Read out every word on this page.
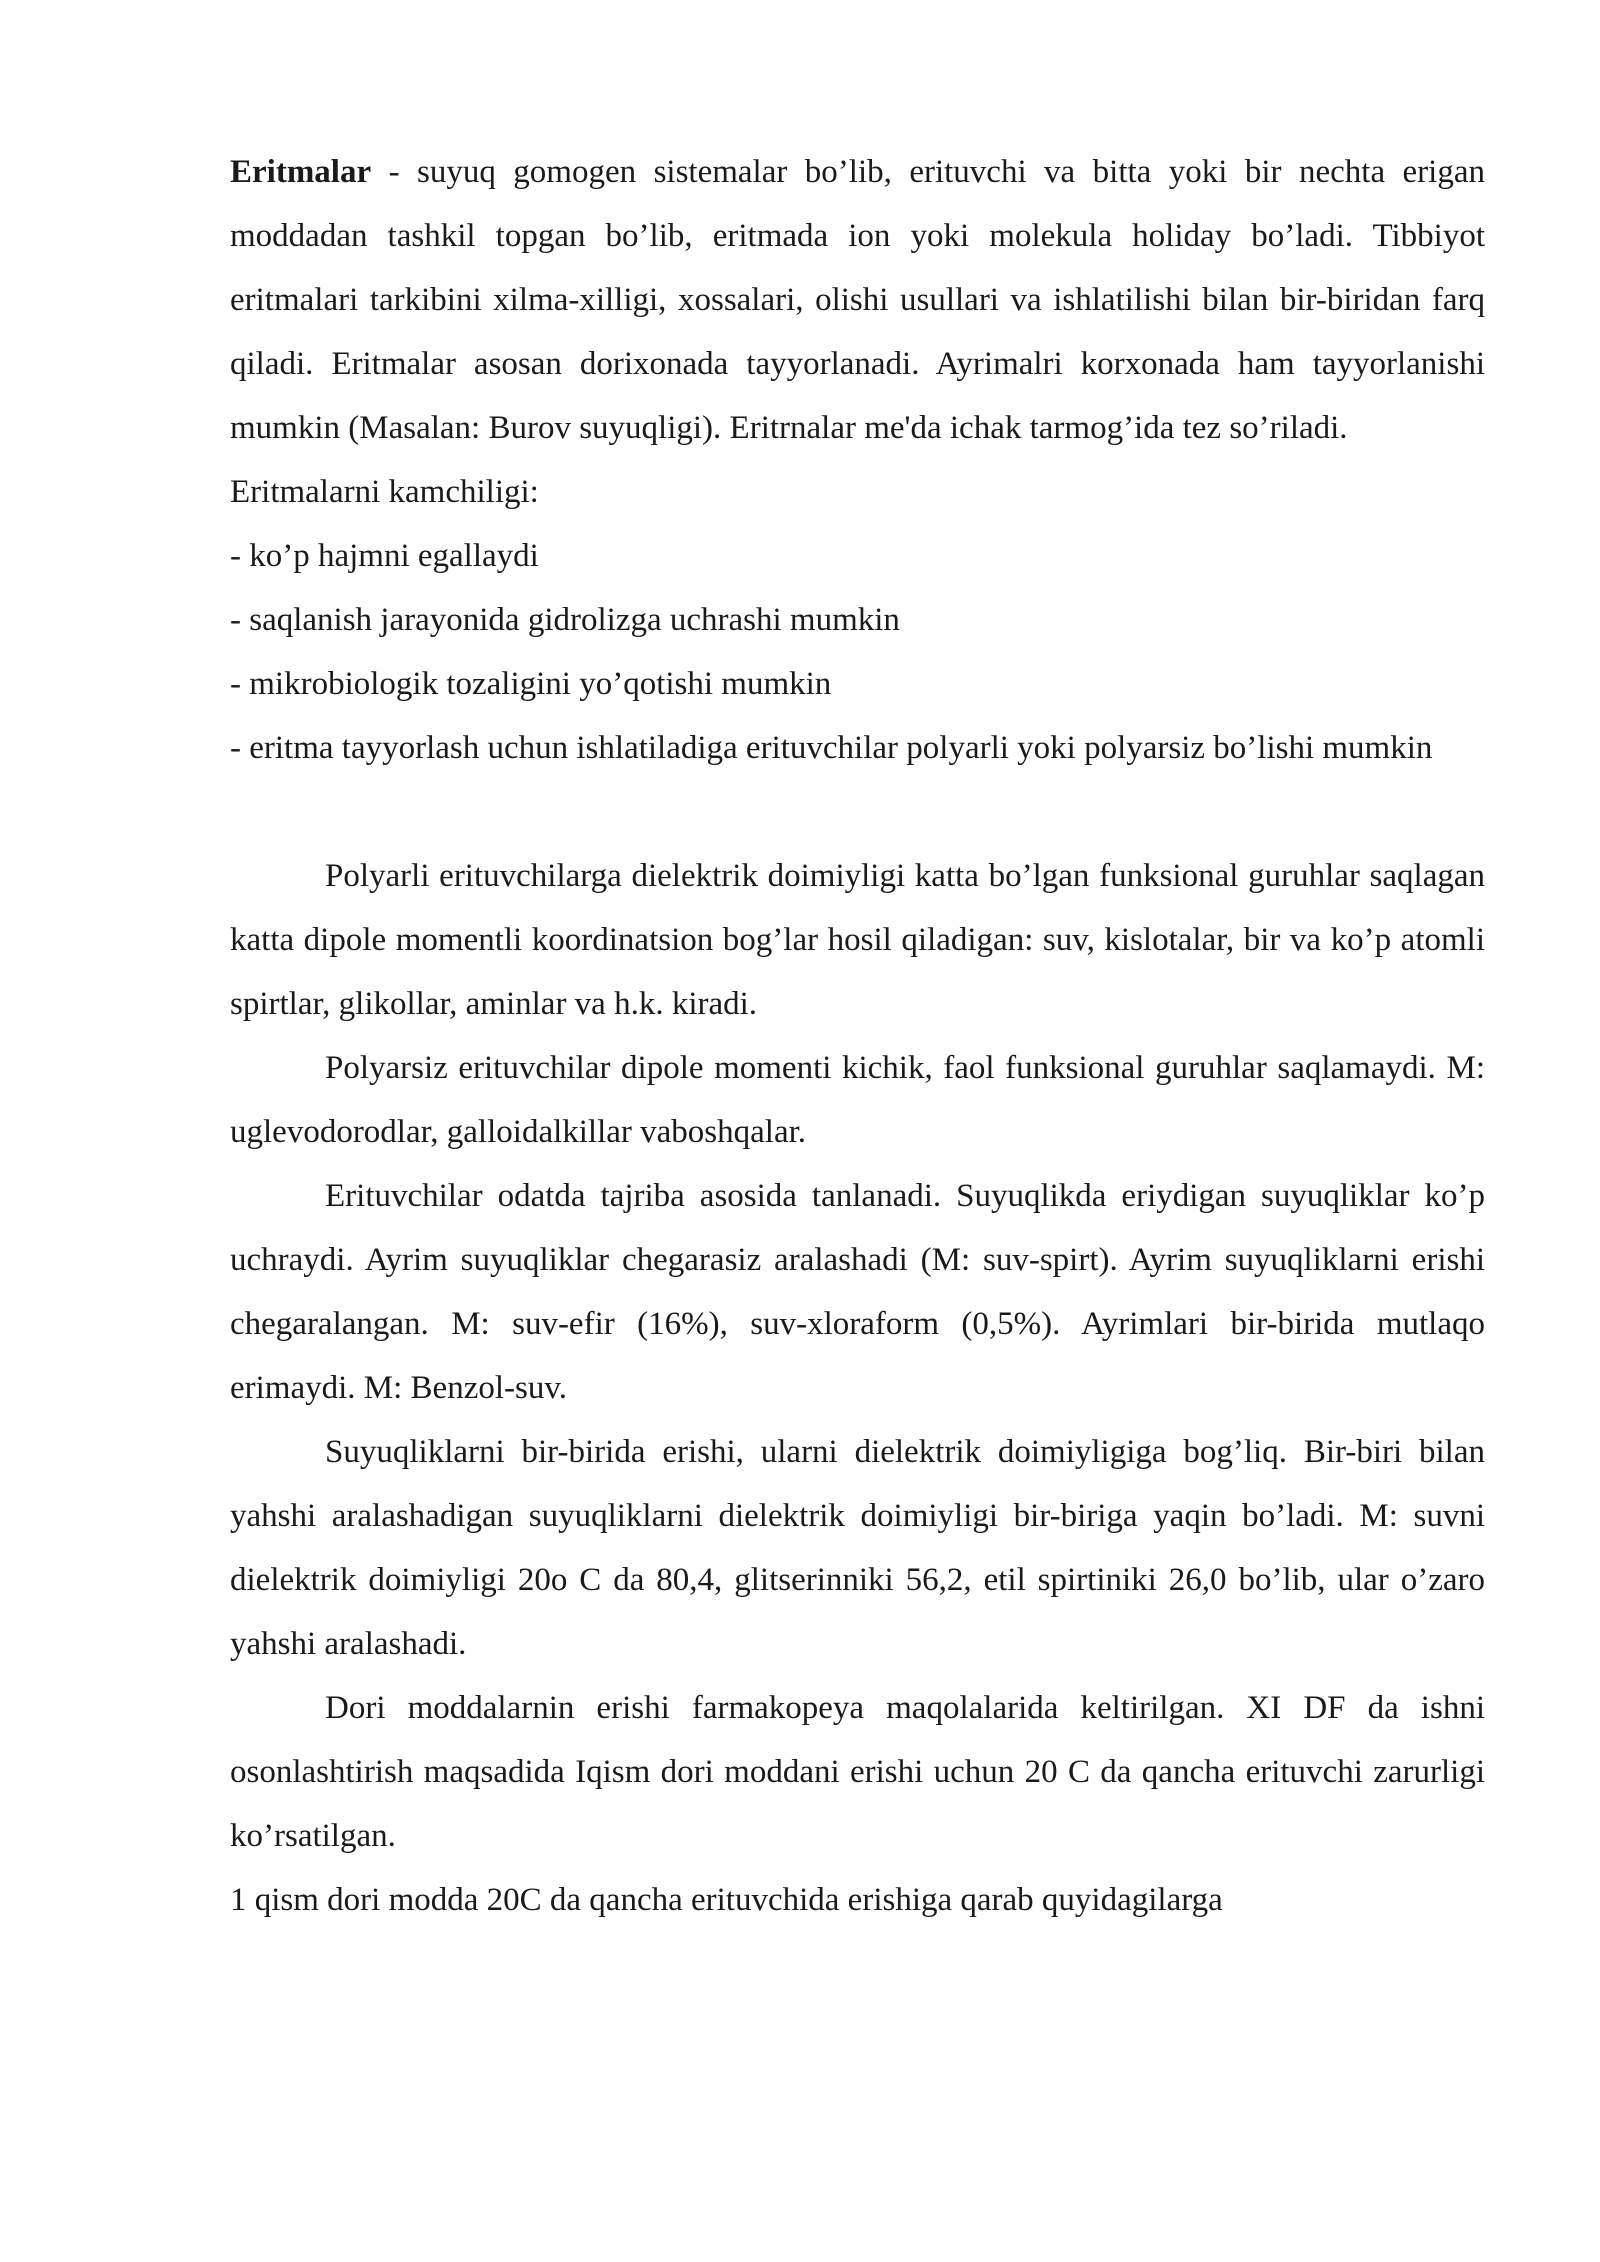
Eritmalar - suyuq gomogen sistemalar bo’lib, erituvchi va bitta yoki bir nechta erigan moddadan tashkil topgan bo’lib, eritmada ion yoki molekula holiday bo’ladi. Tibbiyot eritmalari tarkibini xilma-xilligi, xossalari, olishi usullari va ishlatilishi bilan bir-biridan farq qiladi. Eritmalar asosan dorixonada tayyorlanadi. Ayrimalri korxonada ham tayyorlanishi mumkin (Masalan: Burov suyuqligi). Eritrnalar me'da ichak tarmog’ida tez so’riladi.

Eritmalarni kamchiligi:

- ko’p hajmni egallaydi

- saqlanish jarayonida gidrolizga uchrashi mumkin

- mikrobiologik tozaligini yo’qotishi mumkin

- eritma tayyorlash uchun ishlatiladiga erituvchilar polyarli yoki polyarsiz bo’lishi mumkin

Polyarli erituvchilarga dielektrik doimiyligi katta bo’lgan funksional guruhlar saqlagan katta dipole momentli koordinatsion bog’lar hosil qiladigan: suv, kislotalar, bir va ko’p atomli spirtlar, glikollar, aminlar va h.k. kiradi.

Polyarsiz erituvchilar dipole momenti kichik, faol funksional guruhlar saqlamaydi. M: uglevodorodlar, galloidalkillar vaboshqalar.

Erituvchilar odatda tajriba asosida tanlanadi. Suyuqlikda eriydigan suyuqliklar ko’p uchraydi. Ayrim suyuqliklar chegarasiz aralashadi (M: suv-spirt). Ayrim suyuqliklarni erishi chegaralangan. M: suv-efir (16%), suv-xloraform (0,5%). Ayrimlari bir-birida mutlaqo erimaydi. M: Benzol-suv.

Suyuqliklarni bir-birida erishi, ularni dielektrik doimiyligiga bog’liq. Bir-biri bilan yahshi aralashadigan suyuqliklarni dielektrik doimiyligi bir-biriga yaqin bo’ladi. M: suvni dielektrik doimiyligi 20o C da 80,4, glitserinniki 56,2, etil spirtiniki 26,0 bo’lib, ular o’zaro yahshi aralashadi.

Dori moddalarnin erishi farmakopeya maqolalarida keltirilgan. XI DF da ishni osonlashtirish maqsadida Iqism dori moddani erishi uchun 20 C da qancha erituvchi zarurligi ko’rsatilgan.

1 qism dori modda 20C da qancha erituvchida erishiga qarab quyidagilarga
